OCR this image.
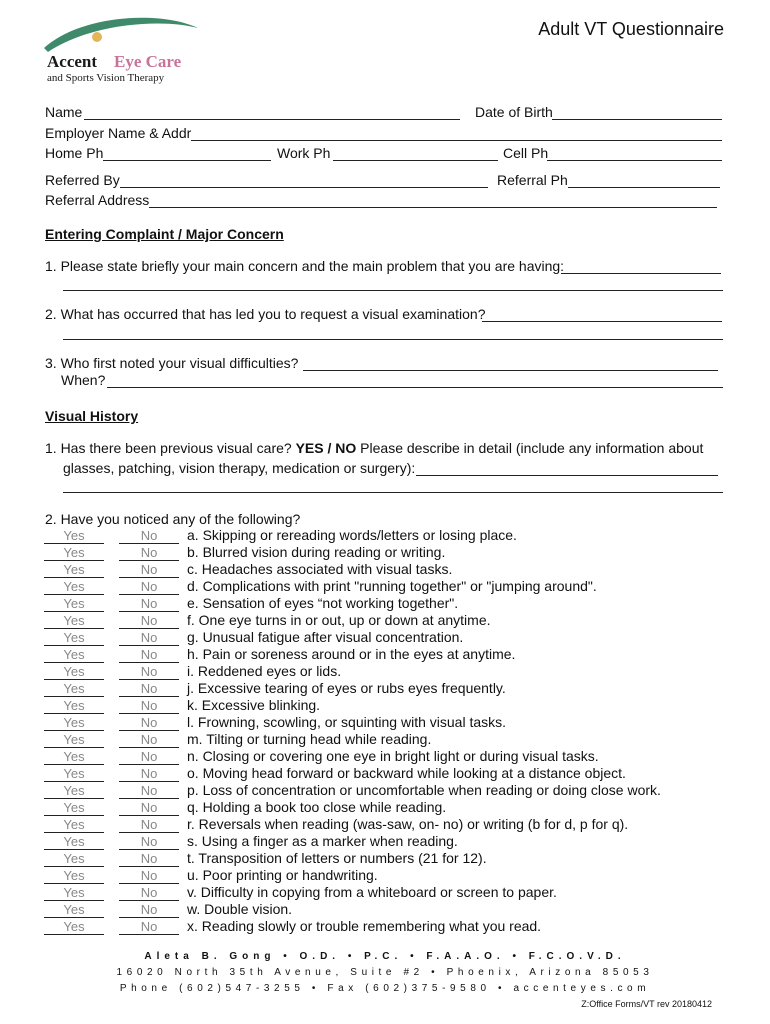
Accent Eye Care
and Sports Vision Therapy
Adult VT Questionnaire
Name	Date of Birth
Employer Name & Addr
Home Ph	Work Ph	Cell Ph
Referred By	Referral Ph
Referral Address
Entering Complaint / Major Concern
1. Please state briefly your main concern and the main problem that you are having:
2. What has occurred that has led you to request a visual examination?
3. Who first noted your visual difficulties?
When?
Visual History
1. Has there been previous visual care? YES / NO Please describe in detail (include any information about
glasses, patching, vision therapy, medication or surgery):
2. Have you noticed any of the following?
Yes	No	a. Skipping or rereading words/letters or losing place.
Yes	No	b. Blurred vision during reading or writing.
Yes	No	c. Headaches associated with visual tasks.
Yes	No	d. Complications with print "running together" or "jumping around".
Yes	No	e. Sensation of eyes “not working together".
Yes	No	f. One eye turns in or out, up or down at anytime.
Yes	No	g. Unusual fatigue after visual concentration.
Yes	No	h. Pain or soreness around or in the eyes at anytime.
Yes	No	i. Reddened eyes or lids.
Yes	No	j. Excessive tearing of eyes or rubs eyes frequently.
Yes	No	k. Excessive blinking.
Yes	No	l. Frowning, scowling, or squinting with visual tasks.
Yes	No	m. Tilting or turning head while reading.
Yes	No	n. Closing or covering one eye in bright light or during visual tasks.
Yes	No	o. Moving head forward or backward while looking at a distance object.
Yes	No	p. Loss of concentration or uncomfortable when reading or doing close work.
Yes	No	q. Holding a book too close while reading.
Yes	No	r. Reversals when reading (was-saw, on- no) or writing (b for d, p for q).
Yes	No	s. Using a finger as a marker when reading.
Yes	No	t. Transposition of letters or numbers (21 for 12).
Yes	No	u. Poor printing or handwriting.
Yes	No	v. Difficulty in copying from a whiteboard or screen to paper.
Yes	No	w. Double vision.
Yes	No	x. Reading slowly or trouble remembering what you read.
Aleta B. Gong • O.D. • P.C. • F.A.A.O. • F.C.O.V.D.
16020 North 35th Avenue, Suite #2 • Phoenix, Arizona 85053
Phone (602)547-3255 • Fax (602)375-9580 • accenteyes.com
Z:Office Forms/VT rev 20180412
